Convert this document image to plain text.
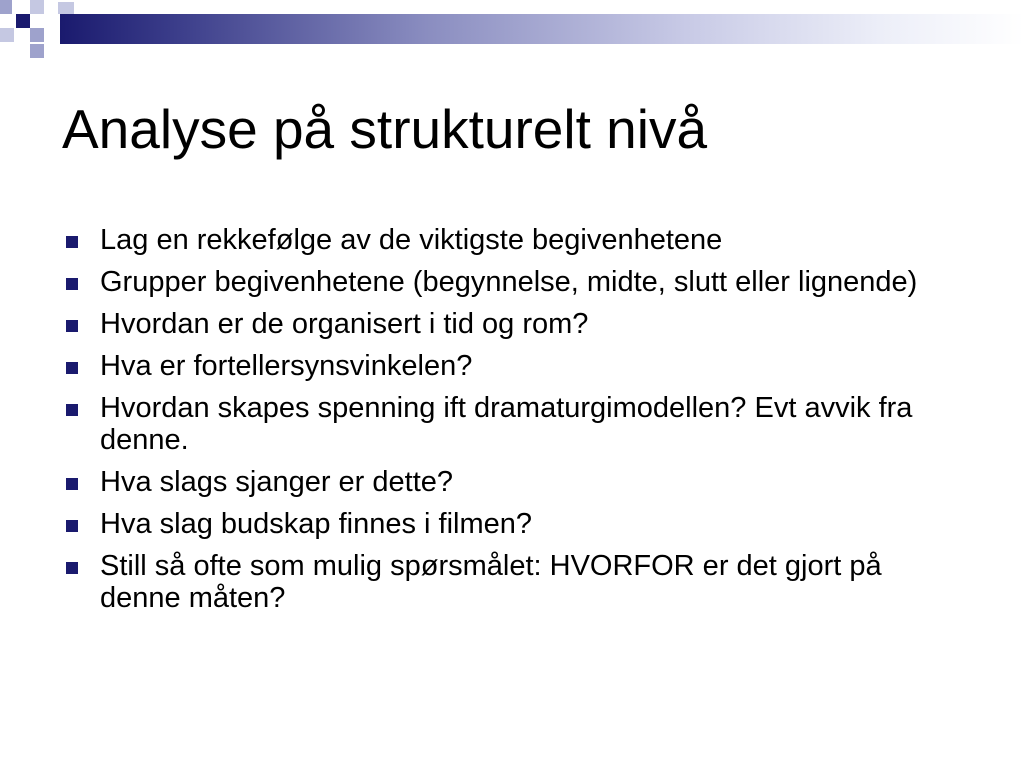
Analyse på strukturelt nivå
Lag en rekkefølge av de viktigste begivenhetene
Grupper begivenhetene (begynnelse, midte, slutt eller lignende)
Hvordan er de organisert i tid og rom?
Hva er fortellersynsvinkelen?
Hvordan skapes spenning ift dramaturgimodellen? Evt avvik fra denne.
Hva slags sjanger er dette?
Hva slag budskap finnes i filmen?
Still så ofte som mulig spørsmålet: HVORFOR er det gjort på denne måten?
